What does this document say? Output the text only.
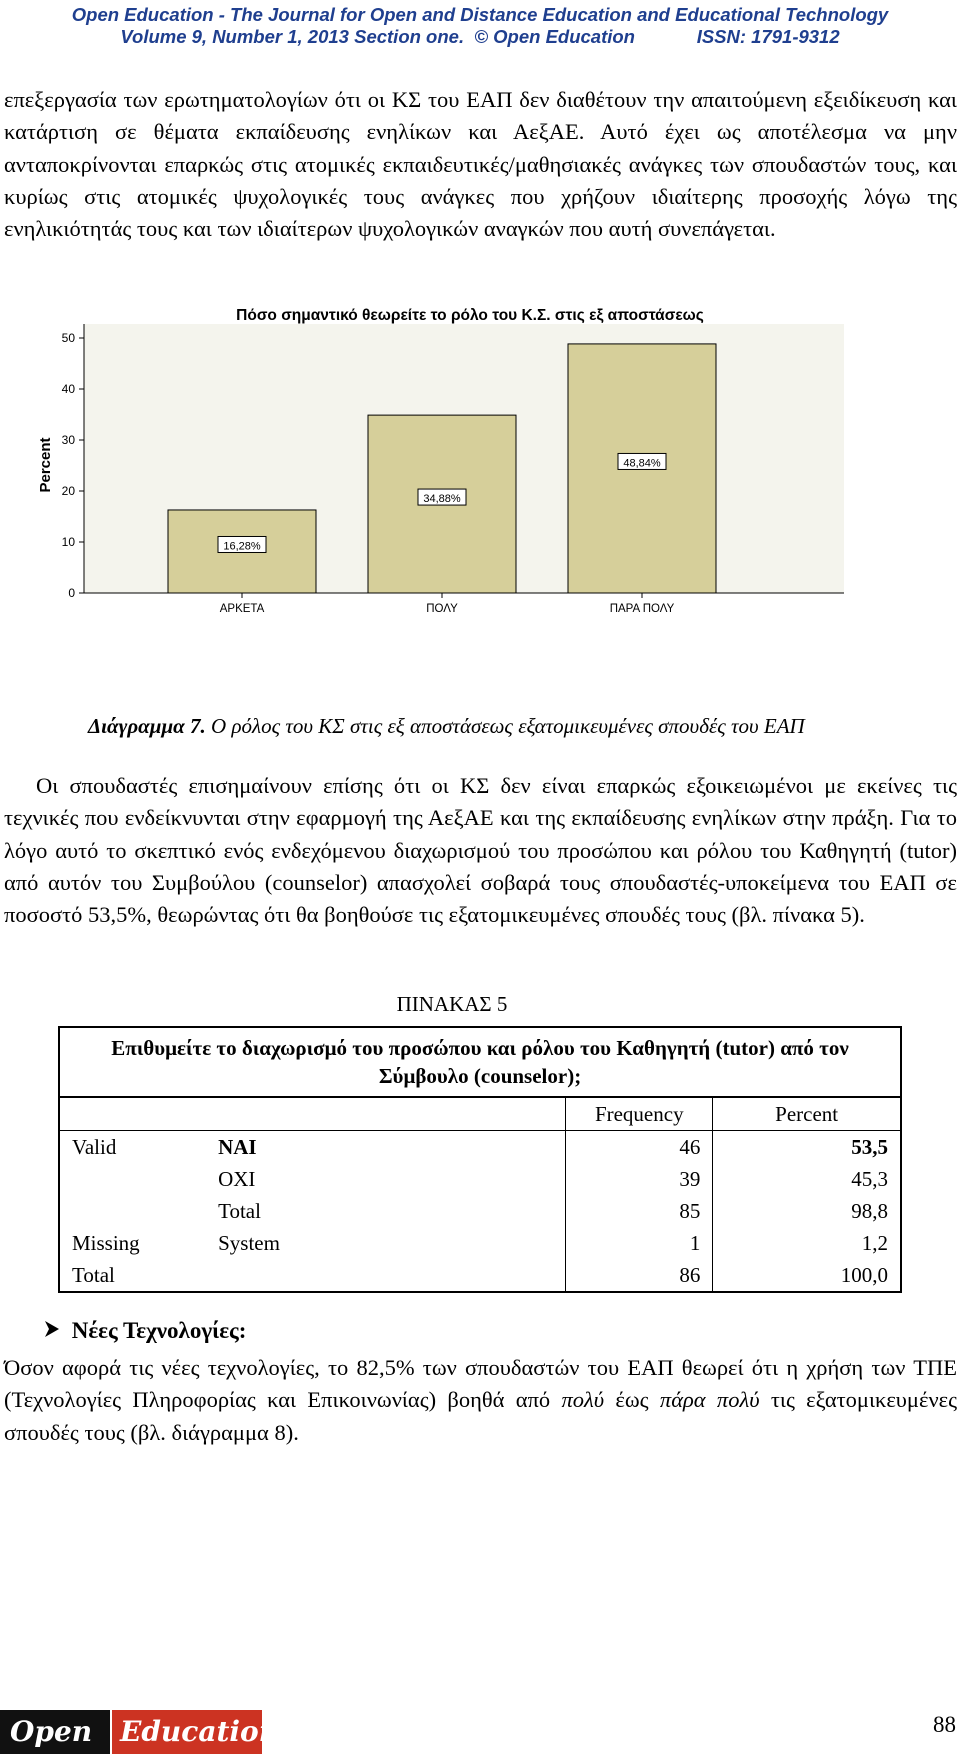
Open Education - The Journal for Open and Distance Education and Educational Technology
Volume 9, Number 1, 2013 Section one. © Open Education	ISSN: 1791-9312
επεξεργασία των ερωτηματολογίων ότι οι ΚΣ του ΕΑΠ δεν διαθέτουν την απαιτούμενη εξειδίκευση και κατάρτιση σε θέματα εκπαίδευσης ενηλίκων και ΑεξΑΕ. Αυτό έχει ως αποτέλεσμα να μην ανταποκρίνονται επαρκώς στις ατομικές εκπαιδευτικές/μαθησιακές ανάγκες των σπουδαστών τους, και κυρίως στις ατομικές ψυχολογικές τους ανάγκες που χρήζουν ιδιαίτερης προσοχής λόγω της ενηλικιότητάς τους και των ιδιαίτερων ψυχολογικών αναγκών που αυτή συνεπάγεται.
Πόσο σημαντικό θεωρείτε το ρόλο του Κ.Σ. στις εξ αποστάσεως
16,28%
34,88%
48,84%
0
10
20
30
40
50
ΑΡΚΕΤΑ	ΠΟΛΥ	ΠΑΡΑ ΠΟΛΥ
Percent
Διάγραμμα 7. Ο ρόλος του ΚΣ στις εξ αποστάσεως εξατομικευμένες σπουδές του ΕΑΠ
Οι σπουδαστές επισημαίνουν επίσης ότι οι ΚΣ δεν είναι επαρκώς εξοικειωμένοι με εκείνες τις τεχνικές που ενδείκνυνται στην εφαρμογή της ΑεξΑΕ και της εκπαίδευσης ενηλίκων στην πράξη. Για το λόγο αυτό το σκεπτικό ενός ενδεχόμενου διαχωρισμού του προσώπου και ρόλου του Καθηγητή (tutor) από αυτόν του Συμβούλου (counselor) απασχολεί σοβαρά τους σπουδαστές-υποκείμενα του ΕΑΠ σε ποσοστό 53,5%, θεωρώντας ότι θα βοηθούσε τις εξατομικευμένες σπουδές τους (βλ. πίνακα 5).
ΠΙΝΑΚΑΣ 5
Επιθυμείτε το διαχωρισμό του προσώπου και ρόλου του Καθηγητή (tutor) από τον Σύμβουλο (counselor);			
		Frequency	Percent
Valid	ΝΑΙ	46	53,5
	ΟΧΙ	39	45,3
	Total	85	98,8
Missing	System	1	1,2
Total		86	100,0
Νέες Τεχνολογίες:
Όσον αφορά τις νέες τεχνολογίες, το 82,5% των σπουδαστών του ΕΑΠ θεωρεί ότι η χρήση των ΤΠΕ (Τεχνολογίες Πληροφορίας και Επικοινωνίας) βοηθά από πολύ έως πάρα πολύ τις εξατομικευμένες σπουδές τους (βλ. διάγραμμα 8).
Open Education	88
